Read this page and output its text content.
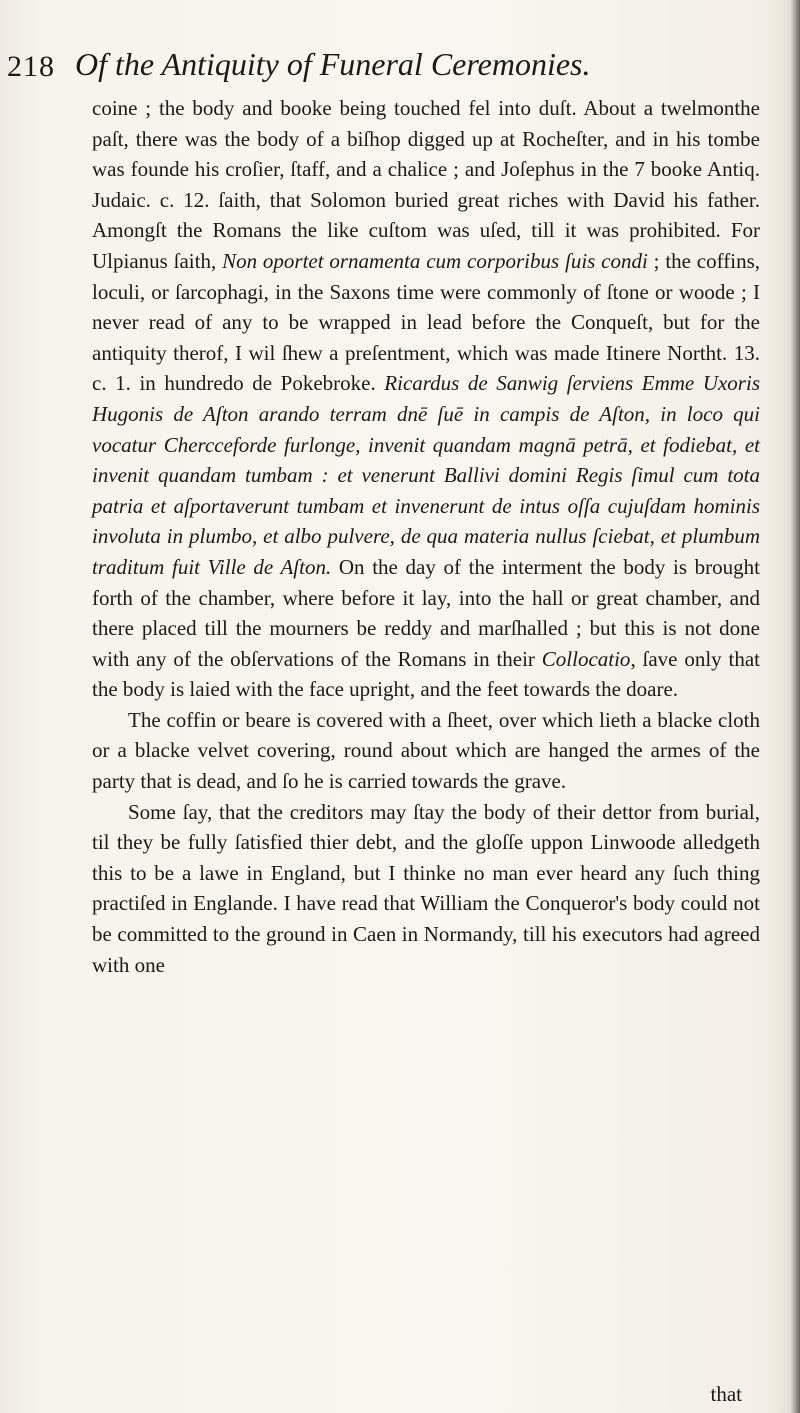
218 Of the Antiquity of Funeral Ceremonies.

coine ; the body and booke being touched fel into duſt. About a twelmonthe paſt, there was the body of a biſhop digged up at Rocheſter, and in his tombe was founde his croſier, ſtaff, and a chalice ; and Joſephus in the 7 booke Antiq. Judaic. c. 12. ſaith, that Solomon buried great riches with David his father. Amongſt the Romans the like cuſtom was uſed, till it was prohibited. For Ulpianus ſaith, Non oportet ornamenta cum corporibus ſuis condi ; the coffins, loculi, or ſarcophagi, in the Saxons time were commonly of ſtone or woode ; I never read of any to be wrapped in lead before the Conqueſt, but for the antiquity therof, I wil ſhew a preſentment, which was made Itinere Northt. 13. c. 1. in hundredo de Pokebroke. Ricardus de Sanwig ſerviens Emme Uxoris Hugonis de Aſton arando terram dnē ſuē in campis de Aſton, in loco qui vocatur Chercceforde furlonge, invenit quandam magnā petrā, et fodiebat, et invenit quandam tumbam : et venerunt Ballivi domini Regis ſimul cum tota patria et aſportaverunt tumbam et invenerunt de intus oſſa cujuſdam hominis involuta in plumbo, et albo pulvere, de qua materia nullus ſciebat, et plumbum traditum fuit Ville de Aſton. On the day of the interment the body is brought forth of the chamber, where before it lay, into the hall or great chamber, and there placed till the mourners be reddy and marſhalled ; but this is not done with any of the obſervations of the Romans in their Collocatio, ſave only that the body is laied with the face upright, and the feet towards the doare.

The coffin or beare is covered with a ſheet, over which lieth a blacke cloth or a blacke velvet covering, round about which are hanged the armes of the party that is dead, and ſo he is carried towards the grave.

Some ſay, that the creditors may ſtay the body of their dettor from burial, til they be fully ſatisfied thier debt, and the gloſſe uppon Linwoode alledgeth this to be a lawe in England, but I thinke no man ever heard any ſuch thing practiſed in Englande. I have read that William the Conqueror's body could not be committed to the ground in Caen in Normandy, till his executors had agreed with one

that
